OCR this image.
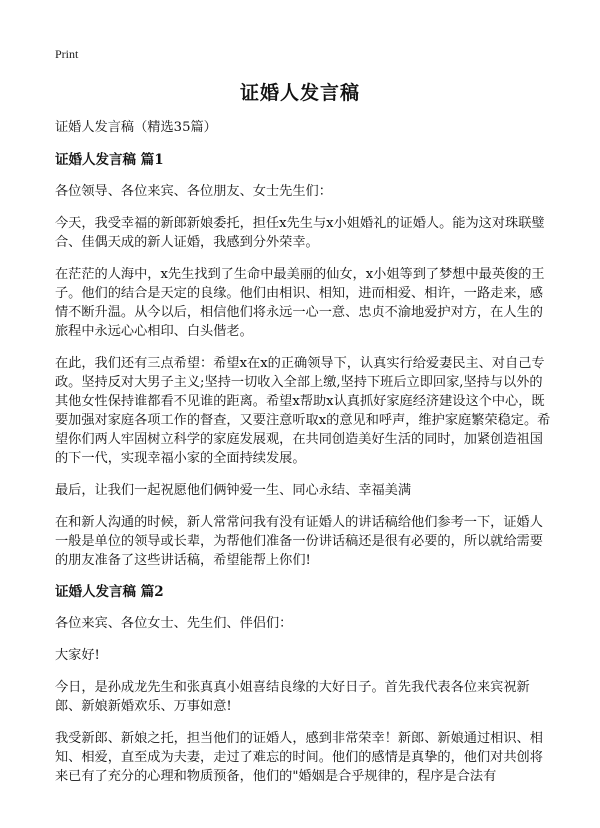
Print
证婚人发言稿

证婚人发言稿（精选35篇）

证婚人发言稿 篇1

各位领导、各位来宾、各位朋友、女士先生们：

今天，我受幸福的新郎新娘委托，担任x先生与x小姐婚礼的证婚人。能为这对珠联璧合、佳偶天成的新人证婚，我感到分外荣幸。

在茫茫的人海中，x先生找到了生命中最美丽的仙女，x小姐等到了梦想中最英俊的王子。他们的结合是天定的良缘。他们由相识、相知，进而相爱、相许，一路走来，感情不断升温。从今以后，相信他们将永远一心一意、忠贞不渝地爱护对方，在人生的旅程中永远心心相印、白头偕老。

在此，我们还有三点希望：希望x在x的正确领导下，认真实行给爱妻民主、对自己专政。坚持反对大男子主义;坚持一切收入全部上缴,坚持下班后立即回家,坚持与以外的其他女性保持谁都看不见谁的距离。希望x帮助x认真抓好家庭经济建设这个中心，既要加强对家庭各项工作的督查，又要注意听取x的意见和呼声，维护家庭繁荣稳定。希望你们两人牢固树立科学的家庭发展观，在共同创造美好生活的同时，加紧创造祖国的下一代，实现幸福小家的全面持续发展。

最后，让我们一起祝愿他们俩钟爱一生、同心永结、幸福美满

在和新人沟通的时候，新人常常问我有没有证婚人的讲话稿给他们参考一下，证婚人一般是单位的领导或长辈，为帮他们准备一份讲话稿还是很有必要的，所以就给需要的朋友准备了这些讲话稿，希望能帮上你们!

证婚人发言稿 篇2

各位来宾、各位女士、先生们、伴侣们：

大家好!

今日，是孙成龙先生和张真真小姐喜结良缘的大好日子。首先我代表各位来宾祝新郎、新娘新婚欢乐、万事如意!

我受新郎、新娘之托，担当他们的证婚人，感到非常荣幸！新郎、新娘通过相识、相知、相爱，直至成为夫妻，走过了难忘的时间。他们的感情是真挚的，他们对共创将来已有了充分的心理和物质预备，他们的"婚姻是合乎规律的，程序是合法有
